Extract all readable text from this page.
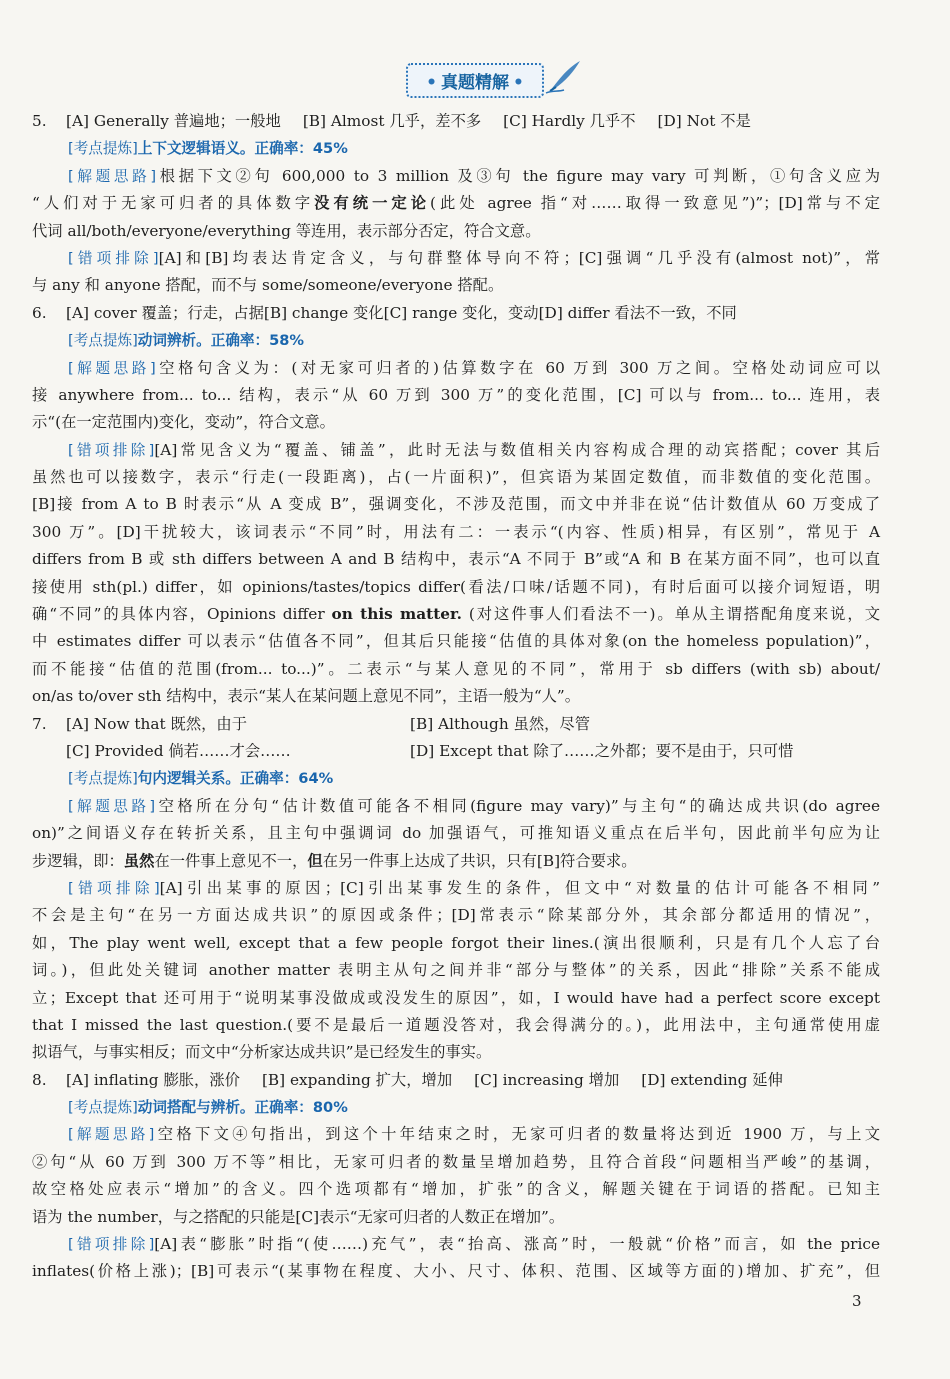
• 真题精解 •
5. [A] Generally 普遍地；一般地 [B] Almost 几乎，差不多 [C] Hardly 几乎不 [D] Not 不是
[考点提炼]上下文逻辑语义。正确率：45%
[解题思路]根据下文②句 600,000 to 3 million 及③句 the figure may vary 可判断，①句含义应为
“人们对于无家可归者的具体数字没有统一定论(此处 agree 指“对……取得一致意见”)”；[D]常与不定
代词 all/both/everyone/everything 等连用，表示部分否定，符合文意。
[错项排除][A]和[B]均表达肯定含义，与句群整体导向不符；[C]强调“几乎没有(almost not)”，常
与 any 和 anyone 搭配，而不与 some/someone/everyone 搭配。
6. [A] cover 覆盖；行走，占据[B] change 变化[C] range 变化，变动[D] differ 看法不一致，不同
[考点提炼]动词辨析。正确率：58%
[解题思路]空格句含义为：(对无家可归者的)估算数字在 60 万到 300 万之间。空格处动词应可以
接 anywhere from... to... 结构，表示“从 60 万到 300 万”的变化范围，[C] 可以与 from... to... 连用，表
示“(在一定范围内)变化，变动”，符合文意。
[错项排除][A]常见含义为“覆盖、铺盖”，此时无法与数值相关内容构成合理的动宾搭配；cover 其后
虽然也可以接数字，表示“行走(一段距离)，占(一片面积)”，但宾语为某固定数值，而非数值的变化范围。
[B]接 from A to B 时表示“从 A 变成 B”，强调变化，不涉及范围，而文中并非在说“估计数值从 60 万变成了
300 万”。[D]干扰较大，该词表示“不同”时，用法有二：一表示“(内容、性质)相异，有区别”，常见于 A
differs from B 或 sth differs between A and B 结构中，表示“A 不同于 B”或“A 和 B 在某方面不同”，也可以直
接使用 sth(pl.) differ，如 opinions/tastes/topics differ(看法/口味/话题不同)，有时后面可以接介词短语，明
确“不同”的具体内容，Opinions differ on this matter. (对这件事人们看法不一)。单从主谓搭配角度来说，文
中 estimates differ 可以表示“估值各不同”，但其后只能接“估值的具体对象(on the homeless population)”，
而不能接“估值的范围(from... to...)”。二表示“与某人意见的不同”，常用于 sb differs (with sb) about/
on/as to/over sth 结构中，表示“某人在某问题上意见不同”，主语一般为“人”。
7. [A] Now that 既然，由于	[B] Although 虽然，尽管
[C] Provided 倘若……才会……	[D] Except that 除了……之外都；要不是由于，只可惜
[考点提炼]句内逻辑关系。正确率：64%
[解题思路]空格所在分句“估计数值可能各不相同(figure may vary)”与主句“的确达成共识(do agree
on)”之间语义存在转折关系，且主句中强调词 do 加强语气，可推知语义重点在后半句，因此前半句应为让
步逻辑，即：虽然在一件事上意见不一，但在另一件事上达成了共识，只有[B]符合要求。
[错项排除][A]引出某事的原因；[C]引出某事发生的条件，但文中“对数量的估计可能各不相同”
不会是主句“在另一方面达成共识”的原因或条件；[D]常表示“除某部分外，其余部分都适用的情况”，
如，The play went well, except that a few people forgot their lines.(演出很顺利，只是有几个人忘了台
词。)，但此处关键词 another matter 表明主从句之间并非“部分与整体”的关系，因此“排除”关系不能成
立；Except that 还可用于“说明某事没做成或没发生的原因”，如，I would have had a perfect score except
that I missed the last question.(要不是最后一道题没答对，我会得满分的。)，此用法中，主句通常使用虚
拟语气，与事实相反；而文中“分析家达成共识”是已经发生的事实。
8. [A] inflating 膨胀，涨价 [B] expanding 扩大，增加 [C] increasing 增加 [D] extending 延伸
[考点提炼]动词搭配与辨析。正确率：80%
[解题思路]空格下文④句指出，到这个十年结束之时，无家可归者的数量将达到近 1900 万，与上文
②句“从 60 万到 300 万不等”相比，无家可归者的数量呈增加趋势，且符合首段“问题相当严峻”的基调，
故空格处应表示“增加”的含义。四个选项都有“增加，扩张”的含义，解题关键在于词语的搭配。已知主
语为 the number，与之搭配的只能是[C]表示“无家可归者的人数正在增加”。
[错项排除][A]表“膨胀”时指“(使……)充气”，表“抬高、涨高”时，一般就“价格”而言，如 the price
inflates(价格上涨)；[B]可表示“(某事物在程度、大小、尺寸、体积、范围、区域等方面的)增加、扩充”，但
3
